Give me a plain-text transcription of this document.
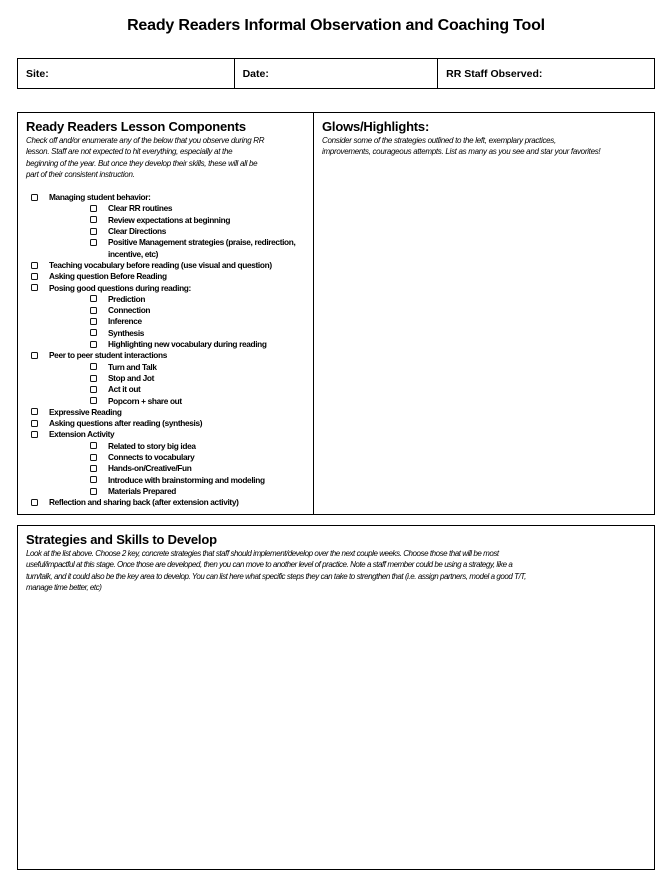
Ready Readers Informal Observation and Coaching Tool
Site:	Date:	RR Staff Observed:
Ready Readers Lesson Components
Check off and/or enumerate any of the below that you observe during RR
lesson. Staff are not expected to hit everything, especially at the
beginning of the year. But once they develop their skills, these will all be
part of their consistent instruction.
Managing student behavior:
Clear RR routines
Review expectations at beginning
Clear Directions
Positive Management strategies (praise, redirection, incentive, etc)
Teaching vocabulary before reading (use visual and question)
Asking question Before Reading
Posing good questions during reading:
Prediction
Connection
Inference
Synthesis
Highlighting new vocabulary during reading
Peer to peer student interactions
Turn and Talk
Stop and Jot
Act it out
Popcorn + share out
Expressive Reading
Asking questions after reading (synthesis)
Extension Activity
Related to story big idea
Connects to vocabulary
Hands-on/Creative/Fun
Introduce with brainstorming and modeling
Materials Prepared
Reflection and sharing back (after extension activity)
Glows/Highlights:
Consider some of the strategies outlined to the left, exemplary practices,
improvements, courageous attempts. List as many as you see and star your favorites!
Strategies and Skills to Develop
Look at the list above. Choose 2 key, concrete strategies that staff should implement/develop over the next couple weeks. Choose those that will be most
useful/impactful at this stage. Once those are developed, then you can move to another level of practice. Note a staff member could be using a strategy, like a
turn/talk, and it could also be the key area to develop. You can list here what specific steps they can take to strengthen that (i.e. assign partners, model a good T/T,
manage time better, etc)
